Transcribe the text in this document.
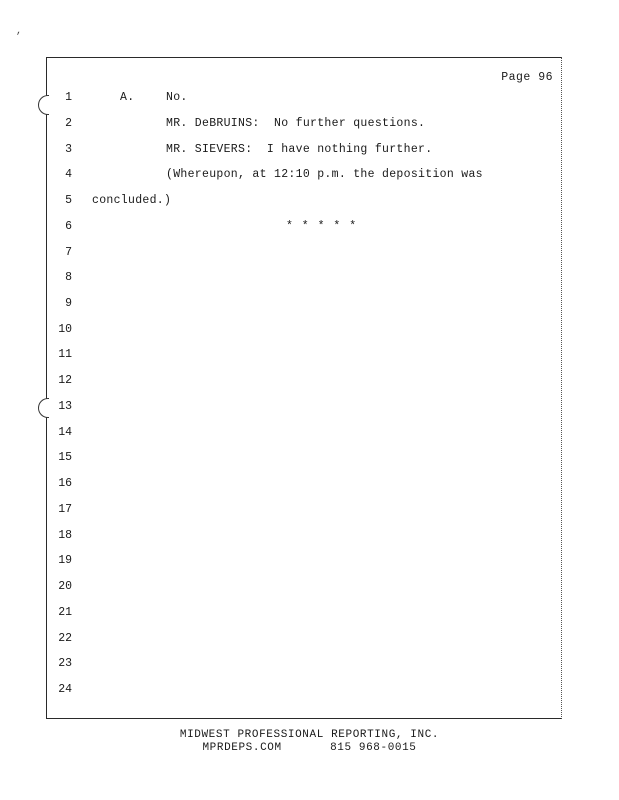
,
Page 96
1
2
3
4
5
6
7
8
9
10
11
12
13
14
15
16
17
18
19
20
21
22
23
24
A.	No.
MR. DeBRUINS:  No further questions.
MR. SIEVERS:  I have nothing further.
(Whereupon, at 12:10 p.m. the deposition was
concluded.)
* * * * *
MIDWEST PROFESSIONAL REPORTING, INC.
MPRDEPS.COM	815 968-0015
